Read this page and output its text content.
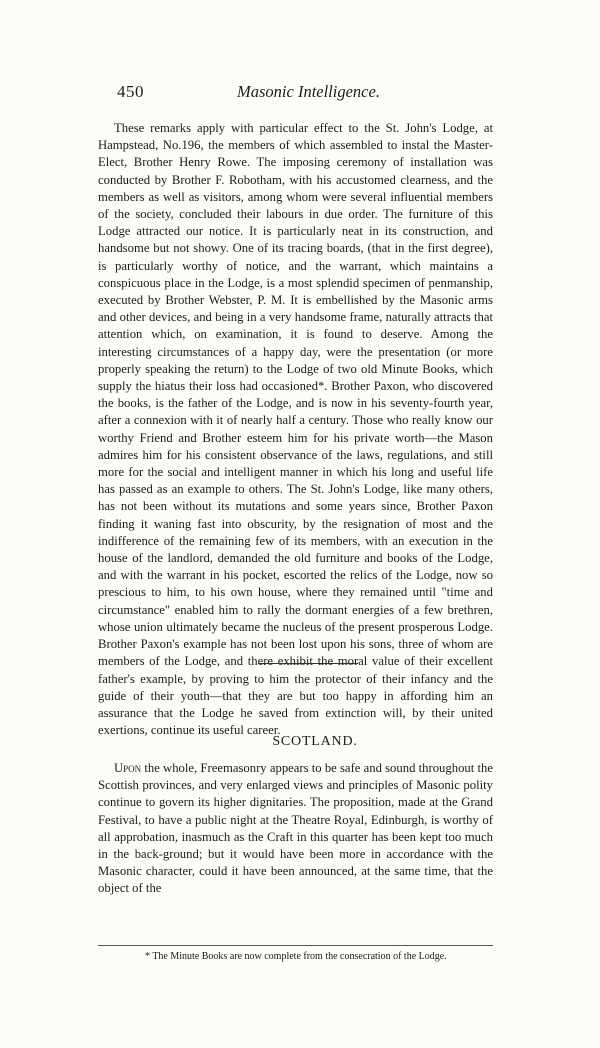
450	Masonic Intelligence.

These remarks apply with particular effect to the St. John's Lodge, at Hampstead, No.196, the members of which assembled to instal the Master-Elect, Brother Henry Rowe. The imposing ceremony of installation was conducted by Brother F. Robotham, with his accustomed clearness, and the members as well as visitors, among whom were several influential members of the society, concluded their labours in due order. The furniture of this Lodge attracted our notice. It is particularly neat in its construction, and handsome but not showy. One of its tracing boards, (that in the first degree), is particularly worthy of notice, and the warrant, which maintains a conspicuous place in the Lodge, is a most splendid specimen of penmanship, executed by Brother Webster, P. M. It is embellished by the Masonic arms and other devices, and being in a very handsome frame, naturally attracts that attention which, on examination, it is found to deserve. Among the interesting circumstances of a happy day, were the presentation (or more properly speaking the return) to the Lodge of two old Minute Books, which supply the hiatus their loss had occasioned*. Brother Paxon, who discovered the books, is the father of the Lodge, and is now in his seventy-fourth year, after a connexion with it of nearly half a century. Those who really know our worthy Friend and Brother esteem him for his private worth—the Mason admires him for his consistent observance of the laws, regulations, and still more for the social and intelligent manner in which his long and useful life has passed as an example to others. The St. John's Lodge, like many others, has not been without its mutations and some years since, Brother Paxon finding it waning fast into obscurity, by the resignation of most and the indifference of the remaining few of its members, with an execution in the house of the landlord, demanded the old furniture and books of the Lodge, and with the warrant in his pocket, escorted the relics of the Lodge, now so prescious to him, to his own house, where they remained until "time and circumstance" enabled him to rally the dormant energies of a few brethren, whose union ultimately became the nucleus of the present prosperous Lodge. Brother Paxon's example has not been lost upon his sons, three of whom are members of the Lodge, and there exhibit the moral value of their excellent father's example, by proving to him the protector of their infancy and the guide of their youth—that they are but too happy in affording him an assurance that the Lodge he saved from extinction will, by their united exertions, continue its useful career.

SCOTLAND.

Upon the whole, Freemasonry appears to be safe and sound throughout the Scottish provinces, and very enlarged views and principles of Masonic polity continue to govern its higher dignitaries. The proposition, made at the Grand Festival, to have a public night at the Theatre Royal, Edinburgh, is worthy of all approbation, inasmuch as the Craft in this quarter has been kept too much in the back-ground; but it would have been more in accordance with the Masonic character, could it have been announced, at the same time, that the object of the

* The Minute Books are now complete from the consecration of the Lodge.
